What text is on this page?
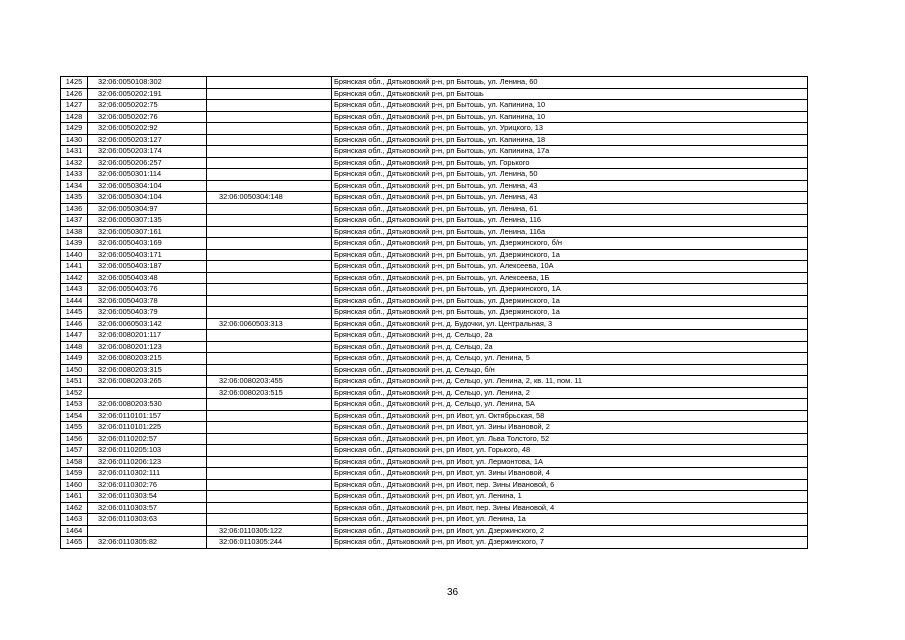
1425	32:06:0050108:302		Брянская обл., Дятьковский р-н, рп Бытошь, ул. Ленина, 60
1426	32:06:0050202:191		Брянская обл., Дятьковский р-н, рп Бытошь
1427	32:06:0050202:75		Брянская обл., Дятьковский р-н, рп Бытошь, ул. Капинина, 10
1428	32:06:0050202:76		Брянская обл., Дятьковский р-н, рп Бытошь, ул. Капинина, 10
1429	32:06:0050202:92		Брянская обл., Дятьковский р-н, рп Бытошь, ул. Урицкого, 13
1430	32:06:0050203:127		Брянская обл., Дятьковский р-н, рп Бытошь, ул. Капинина, 18
1431	32:06:0050203:174		Брянская обл., Дятьковский р-н, рп Бытошь, ул. Капинина, 17а
1432	32:06:0050206:257		Брянская обл., Дятьковский р-н, рп Бытошь, ул. Горького
1433	32:06:0050301:114		Брянская обл., Дятьковский р-н, рп Бытошь, ул. Ленина, 50
1434	32:06:0050304:104		Брянская обл., Дятьковский р-н, рп Бытошь, ул. Ленина, 43
1435	32:06:0050304:104	32:06:0050304:148	Брянская обл., Дятьковский р-н, рп Бытошь, ул. Ленина, 43
1436	32:06:0050304:97		Брянская обл., Дятьковский р-н, рп Бытошь, ул. Ленина, 61
1437	32:06:0050307:135		Брянская обл., Дятьковский р-н, рп Бытошь, ул. Ленина, 116
1438	32:06:0050307:161		Брянская обл., Дятьковский р-н, рп Бытошь, ул. Ленина, 116а
1439	32:06:0050403:169		Брянская обл., Дятьковский р-н, рп Бытошь, ул. Дзержинского, б/н
1440	32:06:0050403:171		Брянская обл., Дятьковский р-н, рп Бытошь, ул. Дзержинского, 1а
1441	32:06:0050403:187		Брянская обл., Дятьковский р-н, рп Бытошь, ул. Алексеева, 10А
1442	32:06:0050403:48		Брянская обл., Дятьковский р-н, рп Бытошь, ул. Алексеева, 1Б
1443	32:06:0050403:76		Брянская обл., Дятьковский р-н, рп Бытошь, ул. Дзержинского, 1А
1444	32:06:0050403:78		Брянская обл., Дятьковский р-н, рп Бытошь, ул. Дзержинского, 1а
1445	32:06:0050403:79		Брянская обл., Дятьковский р-н, рп Бытошь, ул. Дзержинского, 1а
1446	32:06:0060503:142	32:06:0060503:313	Брянская обл., Дятьковский р-н, д. Будочки, ул. Центральная, 3
1447	32:06:0080201:117		Брянская обл., Дятьковский р-н, д. Сельцо, 2а
1448	32:06:0080201:123		Брянская обл., Дятьковский р-н, д. Сельцо, 2а
1449	32:06:0080203:215		Брянская обл., Дятьковский р-н, д. Сельцо, ул. Ленина, 5
1450	32:06:0080203:315		Брянская обл., Дятьковский р-н, д. Сельцо, б/н
1451	32:06:0080203:265	32:06:0080203:455	Брянская обл., Дятьковский р-н, д. Сельцо, ул. Ленина, 2, кв. 11, пом. 11
1452		32:06:0080203:515	Брянская обл., Дятьковский р-н, д. Сельцо, ул. Ленина, 2
1453	32:06:0080203:530		Брянская обл., Дятьковский р-н, д. Сельцо, ул. Ленина, 5А
1454	32:06:0110101:157		Брянская обл., Дятьковский р-н, рп Ивот, ул. Октябрьская, 58
1455	32:06:0110101:225		Брянская обл., Дятьковский р-н, рп Ивот, ул. Зины Ивановой, 2
1456	32:06:0110202:57		Брянская обл., Дятьковский р-н, рп Ивот, ул. Льва Толстого, 52
1457	32:06:0110205:103		Брянская обл., Дятьковский р-н, рп Ивот, ул. Горького, 48
1458	32:06:0110206:123		Брянская обл., Дятьковский р-н, рп Ивот, ул. Лермонтова, 1А
1459	32:06:0110302:111		Брянская обл., Дятьковский р-н, рп Ивот, ул. Зины Ивановой, 4
1460	32:06:0110302:76		Брянская обл., Дятьковский р-н, рп Ивот, пер. Зины Ивановой, 6
1461	32:06:0110303:54		Брянская обл., Дятьковский р-н, рп Ивот, ул. Ленина, 1
1462	32:06:0110303:57		Брянская обл., Дятьковский р-н, рп Ивот, пер. Зины Ивановой, 4
1463	32:06:0110303:63		Брянская обл., Дятьковский р-н, рп Ивот, ул. Ленина, 1а
1464		32:06:0110305:122	Брянская обл., Дятьковский р-н, рп Ивот, ул. Дзержинского, 2
1465	32:06:0110305:82	32:06:0110305:244	Брянская обл., Дятьковский р-н, рп Ивот, ул. Дзержинского, 7
36
